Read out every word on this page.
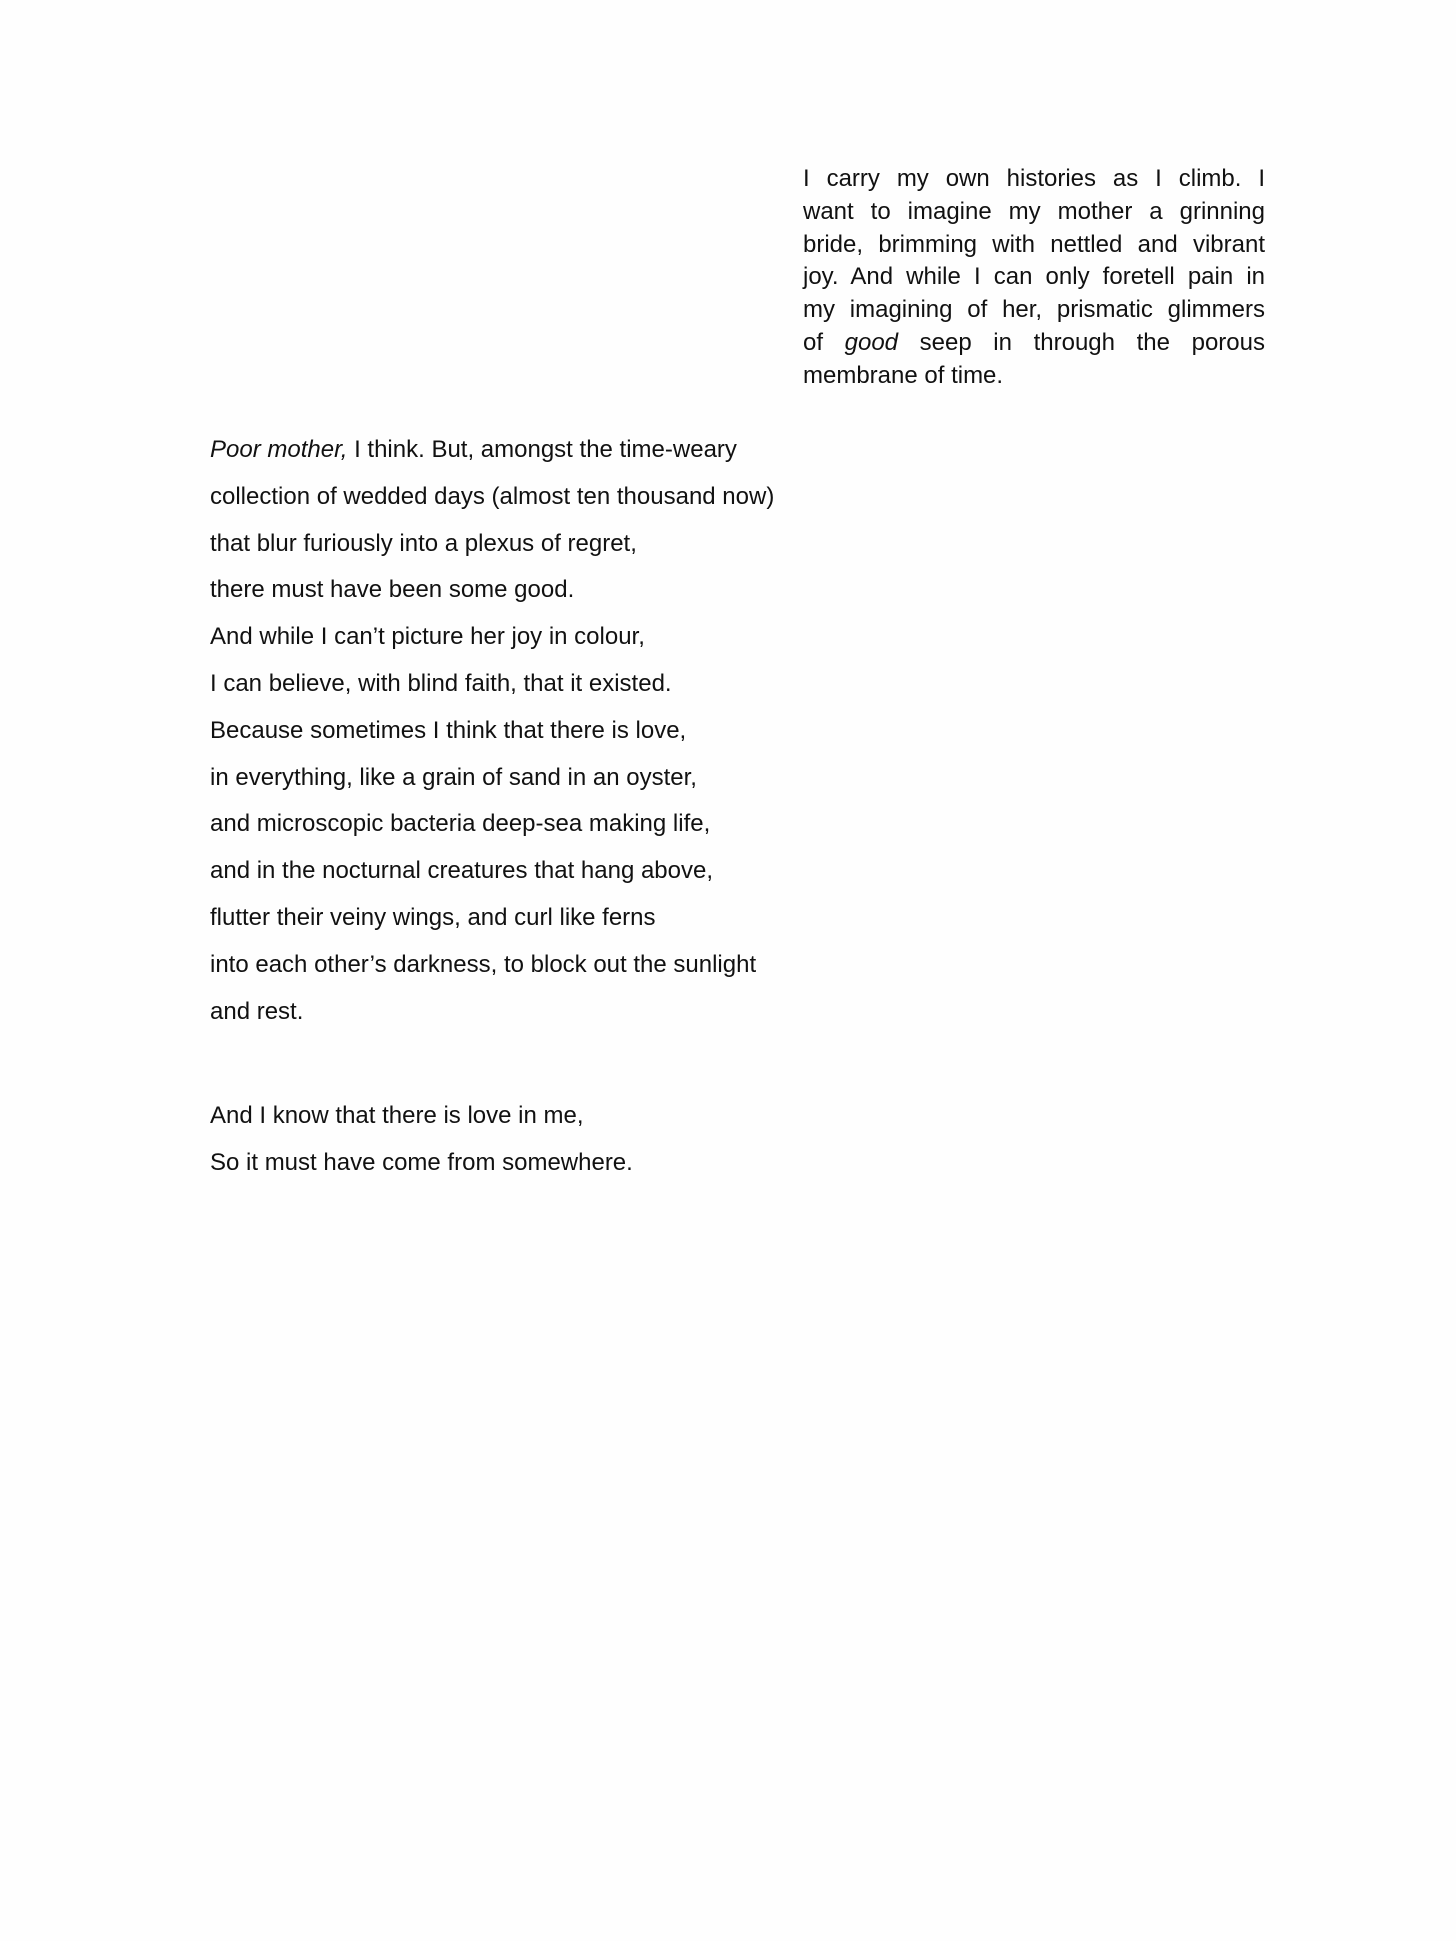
I carry my own histories as I climb. I
want to imagine my mother a grinning
bride, brimming with nettled and vibrant
joy. And while I can only foretell pain in
my imagining of her, prismatic glimmers
of good seep in through the porous
membrane of time.
Poor mother, I think. But, amongst the time-weary
collection of wedded days (almost ten thousand now)
that blur furiously into a plexus of regret,
there must have been some good.
And while I can’t picture her joy in colour,
I can believe, with blind faith, that it existed.
Because sometimes I think that there is love,
in everything, like a grain of sand in an oyster,
and microscopic bacteria deep-sea making life,
and in the nocturnal creatures that hang above,
flutter their veiny wings, and curl like ferns
into each other’s darkness, to block out the sunlight
and rest.
And I know that there is love in me,
So it must have come from somewhere.
